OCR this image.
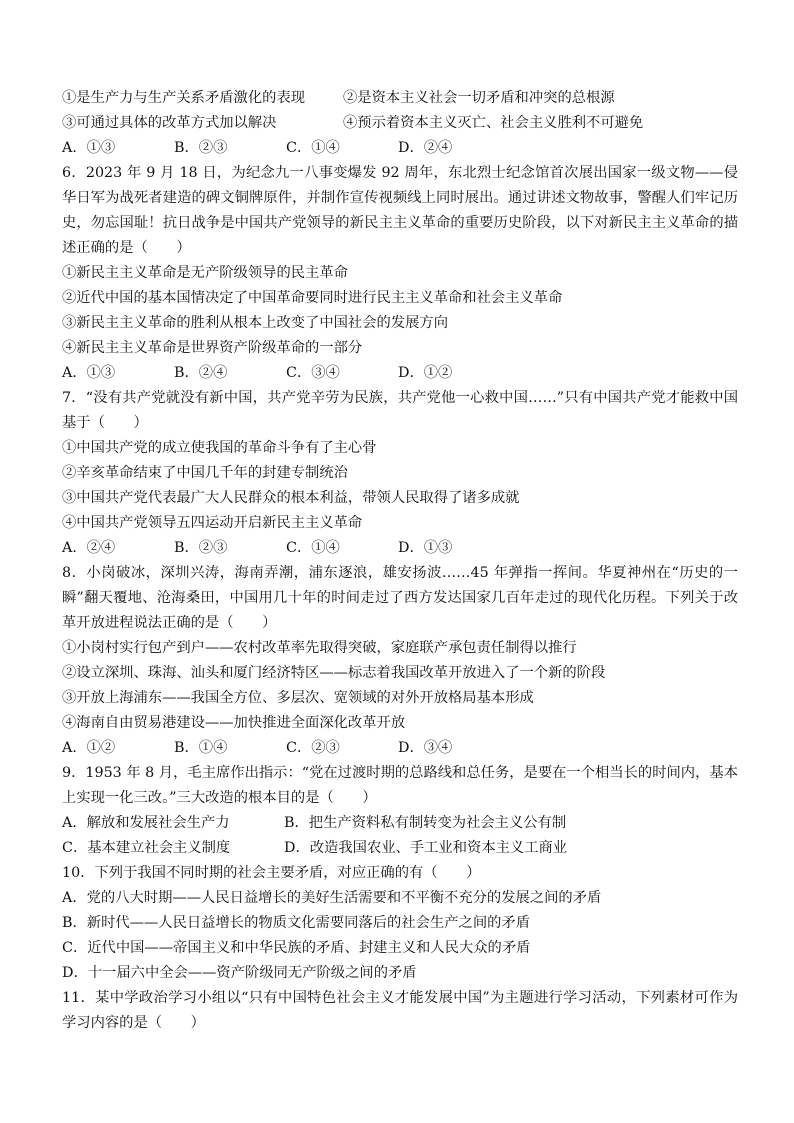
①是生产力与生产关系矛盾激化的表现	②是资本主义社会一切矛盾和冲突的总根源
③可通过具体的改革方式加以解决	④预示着资本主义灭亡、社会主义胜利不可避免
A．①③	B．②③	C．①④	D．②④
6．2023 年 9 月 18 日，为纪念九一八事变爆发 92 周年，东北烈士纪念馆首次展出国家一级文物——侵华日军为战死者建造的碑文铜牌原件，并制作宣传视频线上同时展出。通过讲述文物故事，警醒人们牢记历史，勿忘国耻！抗日战争是中国共产党领导的新民主主义革命的重要历史阶段，以下对新民主主义革命的描述正确的是（　　）
①新民主主义革命是无产阶级领导的民主革命
②近代中国的基本国情决定了中国革命要同时进行民主主义革命和社会主义革命
③新民主主义革命的胜利从根本上改变了中国社会的发展方向
④新民主主义革命是世界资产阶级革命的一部分
A．①③	B．②④	C．③④	D．①②
7．“没有共产党就没有新中国，共产党辛劳为民族，共产党他一心救中国……”只有中国共产党才能救中国基于（　　）
①中国共产党的成立使我国的革命斗争有了主心骨
②辛亥革命结束了中国几千年的封建专制统治
③中国共产党代表最广大人民群众的根本利益，带领人民取得了诸多成就
④中国共产党领导五四运动开启新民主主义革命
A．②④	B．②③	C．①④	D．①③
8．小岗破冰，深圳兴涛，海南弄潮，浦东逐浪，雄安扬波……45 年弹指一挥间。华夏神州在“历史的一瞬”翻天覆地、沧海桑田，中国用几十年的时间走过了西方发达国家几百年走过的现代化历程。下列关于改革开放进程说法正确的是（　　）
①小岗村实行包产到户——农村改革率先取得突破，家庭联产承包责任制得以推行
②设立深圳、珠海、汕头和厦门经济特区——标志着我国改革开放进入了一个新的阶段
③开放上海浦东——我国全方位、多层次、宽领域的对外开放格局基本形成
④海南自由贸易港建设——加快推进全面深化改革开放
A．①②	B．①④	C．②③	D．③④
9．1953 年 8 月，毛主席作出指示：“党在过渡时期的总路线和总任务，是要在一个相当长的时间内，基本上实现一化三改。”三大改造的根本目的是（　　）
A．解放和发展社会生产力	B．把生产资料私有制转变为社会主义公有制
C．基本建立社会主义制度	D．改造我国农业、手工业和资本主义工商业
10．下列于我国不同时期的社会主要矛盾，对应正确的有（　　）
A．党的八大时期——人民日益增长的美好生活需要和不平衡不充分的发展之间的矛盾
B．新时代——人民日益增长的物质文化需要同落后的社会生产之间的矛盾
C．近代中国——帝国主义和中华民族的矛盾、封建主义和人民大众的矛盾
D．十一届六中全会——资产阶级同无产阶级之间的矛盾
11．某中学政治学习小组以“只有中国特色社会主义才能发展中国”为主题进行学习活动，下列素材可作为学习内容的是（　　）
